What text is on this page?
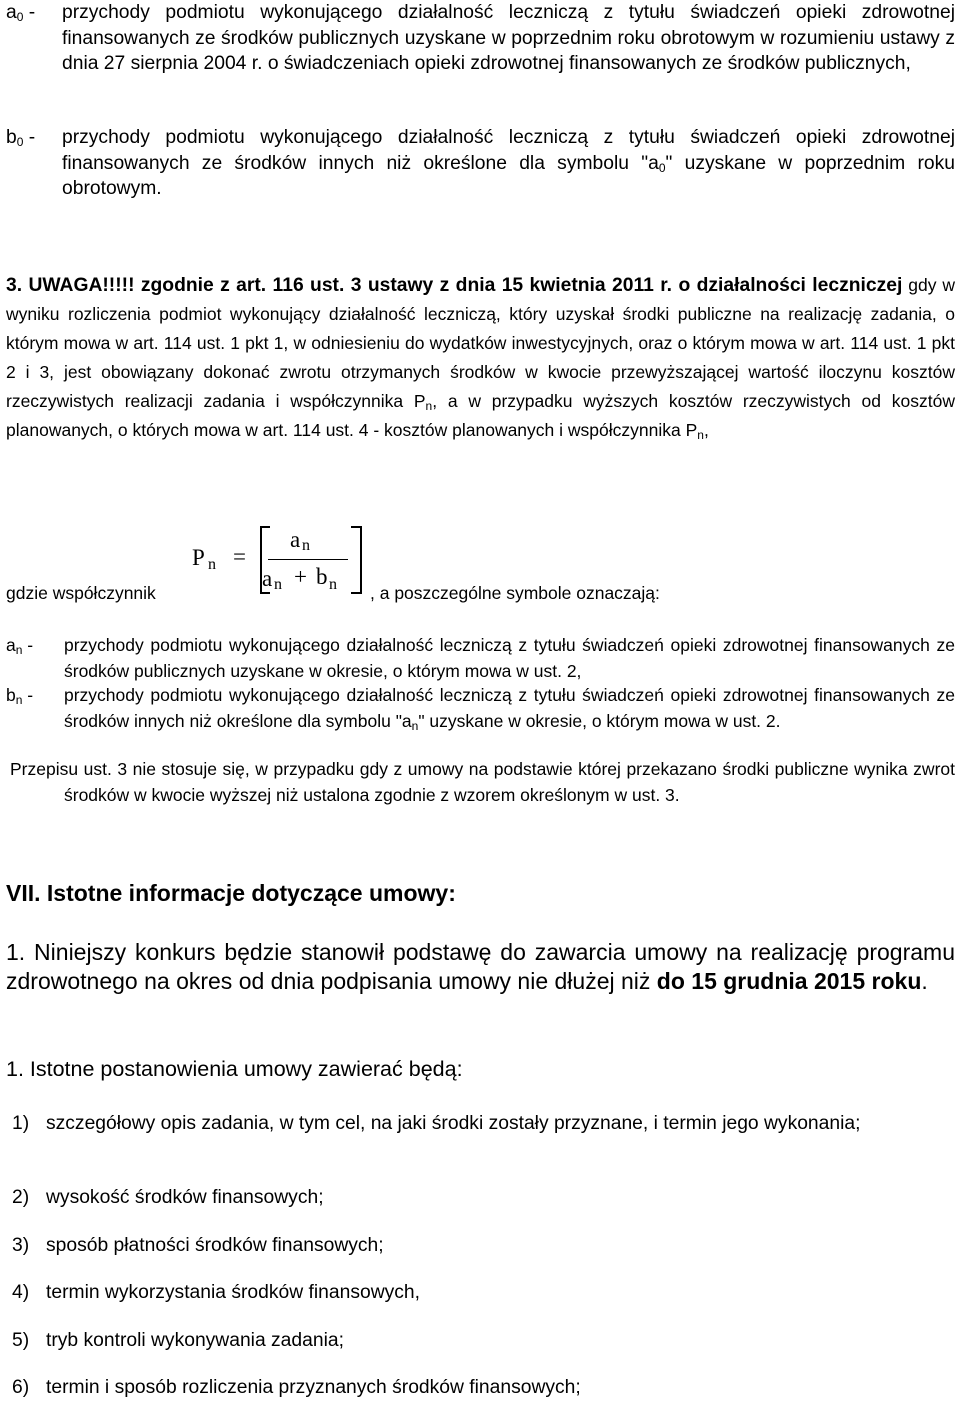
$a_0$ - przychody podmiotu wykonującego działalność leczniczą z tytułu świadczeń opieki zdrowotnej finansowanych ze środków publicznych uzyskane w poprzednim roku obrotowym w rozumieniu ustawy z dnia 27 sierpnia 2004 r. o świadczeniach opieki zdrowotnej finansowanych ze środków publicznych,
$b_0$ - przychody podmiotu wykonującego działalność leczniczą z tytułu świadczeń opieki zdrowotnej finansowanych ze środków innych niż określone dla symbolu "$a_0$" uzyskane w poprzednim roku obrotowym.
3. UWAGA!!!!! zgodnie z art. 116 ust. 3 ustawy z dnia 15 kwietnia 2011 r. o działalności leczniczej gdy w wyniku rozliczenia podmiot wykonujący działalność leczniczą, który uzyskał środki publiczne na realizację zadania, o którym mowa w art. 114 ust. 1 pkt 1, w odniesieniu do wydatków inwestycyjnych, oraz o którym mowa w art. 114 ust. 1 pkt 2 i 3, jest obowiązany dokonać zwrotu otrzymanych środków w kwocie przewyższającej wartość iloczynu kosztów rzeczywistych realizacji zadania i współczynnika $P_n$, a w przypadku wyższych kosztów rzeczywistych od kosztów planowanych, o których mowa w art. 114 ust. 4 - kosztów planowanych i współczynnika $P_n$,
gdzie współczynnik
P n =
a n
a n + b n , a poszczególne symbole oznaczają:
$a_n$ - przychody podmiotu wykonującego działalność leczniczą z tytułu świadczeń opieki zdrowotnej finansowanych ze środków publicznych uzyskane w okresie, o którym mowa w ust. 2,
$b_n$ - przychody podmiotu wykonującego działalność leczniczą z tytułu świadczeń opieki zdrowotnej finansowanych ze środków innych niż określone dla symbolu "$a_n$" uzyskane w okresie, o którym mowa w ust. 2.
Przepisu ust. 3 nie stosuje się, w przypadku gdy z umowy na podstawie której przekazano środki publiczne wynika zwrot środków w kwocie wyższej niż ustalona zgodnie z wzorem określonym w ust. 3.
VII. Istotne informacje dotyczące umowy:
1. Niniejszy konkurs będzie stanowił podstawę do zawarcia umowy na realizację programu zdrowotnego na okres od dnia podpisania umowy nie dłużej niż do 15 grudnia 2015 roku.
1. Istotne postanowienia umowy zawierać będą:
1) szczegółowy opis zadania, w tym cel, na jaki środki zostały przyznane, i termin jego wykonania;
2) wysokość środków finansowych;
3) sposób płatności środków finansowych;
4) termin wykorzystania środków finansowych,
5) tryb kontroli wykonywania zadania;
6) termin i sposób rozliczenia przyznanych środków finansowych;
